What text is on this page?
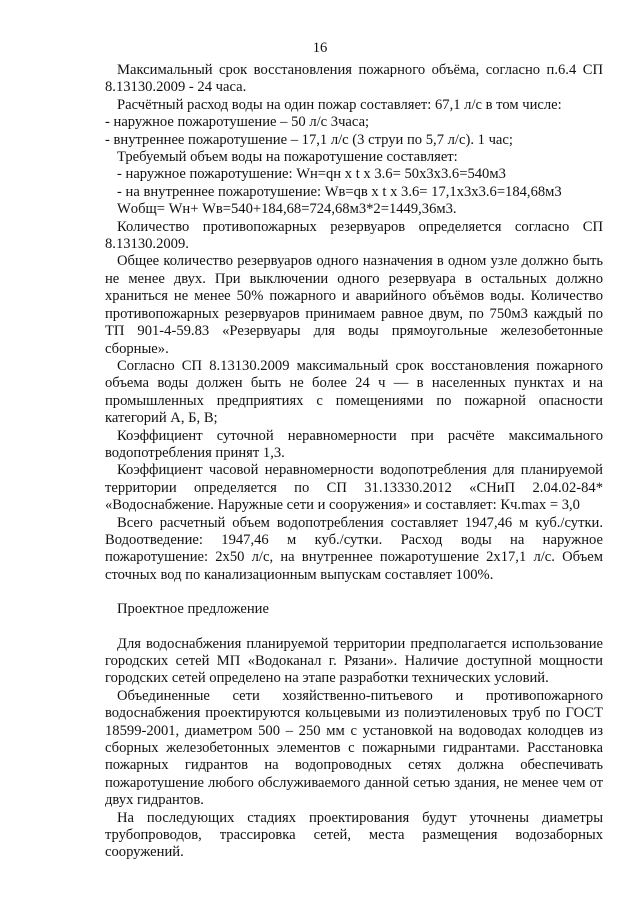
16

Максимальный срок восстановления пожарного объёма, согласно п.6.4 СП 8.13130.2009 - 24 часа.

Расчётный расход воды на один пожар составляет: 67,1 л/с в том числе:

- наружное пожаротушение – 50 л/с 3часа;

- внутреннее пожаротушение – 17,1 л/с (3 струи по 5,7 л/с). 1 час;

Требуемый объем воды на пожаротушение составляет:

- наружное пожаротушение: Wн=qн x t x 3.6= 50х3х3.6=540м3

- на внутреннее пожаротушение: Wв=qв x t x 3.6= 17,1х3х3.6=184,68м3

Wобщ= Wн+ Wв=540+184,68=724,68м3*2=1449,36м3.

Количество противопожарных резервуаров определяется согласно СП 8.13130.2009.

Общее количество резервуаров одного назначения в одном узле должно быть не менее двух. При выключении одного резервуара в остальных должно храниться не менее 50% пожарного и аварийного объёмов воды. Количество противопожарных резервуаров принимаем равное двум, по 750м3 каждый по ТП 901-4-59.83 «Резервуары для воды прямоугольные железобетонные сборные».

Согласно СП 8.13130.2009 максимальный срок восстановления пожарного объема воды должен быть не более 24 ч — в населенных пунктах и на промышленных предприятиях с помещениями по пожарной опасности категорий А, Б, В;

Коэффициент суточной неравномерности при расчёте максимального водопотребления принят 1,3.

Коэффициент часовой неравномерности водопотребления для планируемой территории определяется по СП 31.13330.2012 «СНиП 2.04.02-84* «Водоснабжение. Наружные сети и сооружения» и составляет: Кч.max = 3,0

Всего расчетный объем водопотребления составляет 1947,46 м куб./сутки. Водоотведение: 1947,46 м куб./сутки. Расход воды на наружное пожаротушение: 2х50 л/с, на внутреннее пожаротушение 2х17,1 л/с. Объем сточных вод по канализационным выпускам составляет 100%.

Проектное предложение

Для водоснабжения планируемой территории предполагается использование городских сетей МП «Водоканал г. Рязани». Наличие доступной мощности городских сетей определено на этапе разработки технических условий.

Объединенные сети хозяйственно-питьевого и противопожарного водоснабжения проектируются кольцевыми из полиэтиленовых труб по ГОСТ 18599-2001, диаметром 500 – 250 мм с установкой на водоводах колодцев из сборных железобетонных элементов с пожарными гидрантами. Расстановка пожарных гидрантов на водопроводных сетях должна обеспечивать пожаротушение любого обслуживаемого данной сетью здания, не менее чем от двух гидрантов.

На последующих стадиях проектирования будут уточнены диаметры трубопроводов, трассировка сетей, места размещения водозаборных сооружений.
